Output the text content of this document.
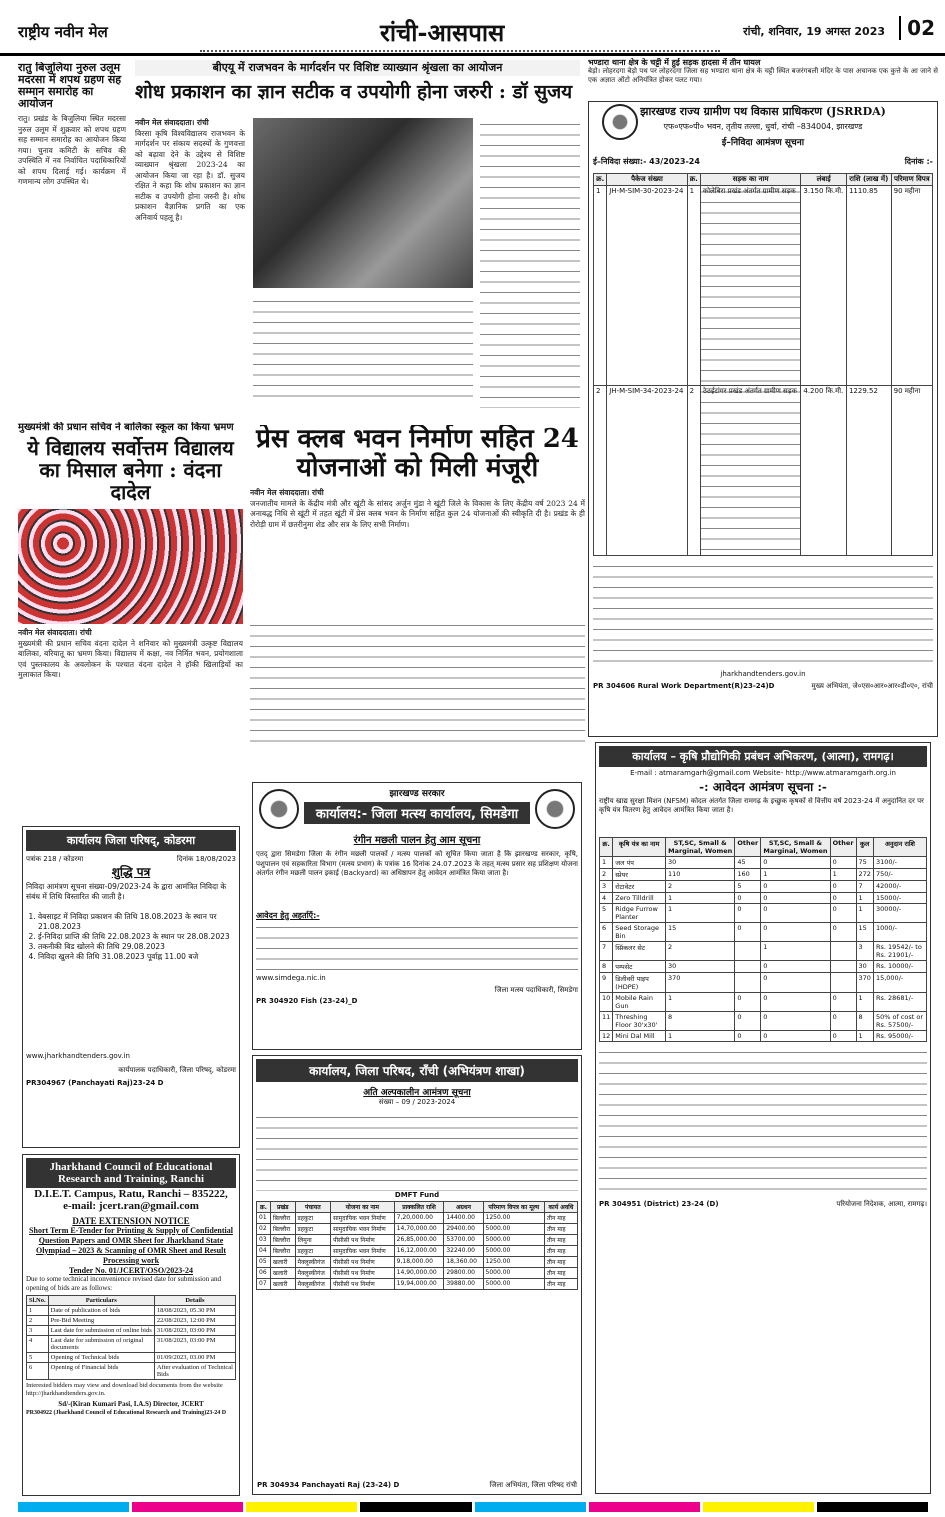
राष्ट्रीय नवीन मेल	रांची-आसपास	रांची, शनिवार, 19 अगस्त 2023	02
रातु बिजुलिया नुरुल उलूम मदरसा में शपथ ग्रहण सह सम्मान समारोह का आयोजन
रातु। प्रखंड के बिजुलिया स्थित मदरसा नुरुल उलूम में शुक्रवार को शपथ ग्रहण सह सम्मान समारोह का आयोजन किया गया। चुनाव कमिटी के सचिव की उपस्थिति में नव निर्वाचित पदाधिकारियों को शपथ दिलाई गई। कार्यक्रम में गणमान्य लोग उपस्थित थे।
बीएयू में राजभवन के मार्गदर्शन पर विशिष्ट व्याख्यान श्रृंखला का आयोजन
शोध प्रकाशन का ज्ञान सटीक व उपयोगी होना जरुरी : डॉ सुजय
नवीन मेल संवाददाता। रांची
बिरसा कृषि विश्वविद्यालय राजभवन के मार्गदर्शन पर संकाय सदस्यों के गुणवत्ता को बढ़ावा देने के उद्देश्य से विशिष्ट व्याख्यान श्रृंखला 2023-24 का आयोजन किया जा रहा है। डॉ. सुजय रक्षित ने कहा कि शोध प्रकाशन का ज्ञान सटीक व उपयोगी होना जरुरी है। शोध प्रकाशन वैज्ञानिक प्रगति का एक अनिवार्य पहलू है।
मुख्यमंत्री की प्रधान सचिव ने बालिका स्कूल का किया भ्रमण
ये विद्यालय सर्वोत्तम विद्यालय का मिसाल बनेगा : वंदना दादेल
नवीन मेल संवाददाता। रांची
मुख्यमंत्री की प्रधान सचिव वंदना दादेल ने शनिवार को मुख्यमंत्री उत्कृष्ट विद्यालय बालिका, बरियातू का भ्रमण किया। विद्यालय में कक्षा, नव निर्मित भवन, प्रयोगशाला एवं पुस्तकालय के अवलोकन के पश्चात वंदना दादेल ने हॉकी खिलाड़ियों का मुलाकात किया।
प्रेस क्लब भवन निर्माण सहित 24 योजनाओं को मिली मंजूरी
नवीन मेल संवाददाता। रांची
जनजातीय मामले के केंद्रीय मंत्री और खूंटी के सांसद अर्जुन मुंडा ने खूंटी जिले के विकास के लिए केंद्रीय वर्ष 2023 24 में अनाबद्ध निधि से खूंटी में तहत खूंटी में प्रेस क्लब भवन के निर्माण सहित कुल 24 योजनाओं की स्वीकृति दी है। प्रखंड के ही रोरोड़ी ग्राम में छतरीनुमा शेड और सत्र के लिए सभी निर्माण।
भण्डारा थाना क्षेत्र के चट्टी में हुई सड़क हादसा में तीन घायल
बेड़ो। लोहरदगा बेड़ो पथ पर लोहरदगा जिला सह भण्डारा थाना क्षेत्र के चट्टी स्थित बजरंगबली मंदिर के पास अचानक एक कुत्ते के आ जाने से एक अज्ञात ऑटो अनियंत्रित होकर पलट गया।
झारखण्ड राज्य ग्रामीण पथ विकास प्राधिकरण (JSRRDA)
एफ०एफ०पी० भवन, तृतीय तल्ला, धुर्वा, रांची –834004, झारखण्ड
ई–निविदा आमंत्रण सूचना
ई–निविदा संख्या:- 43/2023-24	दिनांक :-
क्र.	पैकेज संख्या	क्र.	सड़क का नाम	लंबाई	राशि (लाख में)	परिमाण विपत्र
1	JH-M-SIM-30-2023-24	1	कोलेबिरा प्रखंड अंतर्गत ग्रामीण सड़क	3.150 कि.मी.	1110.85	90 महीना
2	JH-M-SIM-34-2023-24	2	ठेठईटांगर प्रखंड अंतर्गत ग्रामीण सड़क	4.200 कि.मी.	1229.52	90 महीना
jharkhandtenders.gov.in
PR 304606 Rural Work Department(R)23-24)D	मुख्य अभियंता, जे०एस०आर०आर०डी०ए०, रांची
कार्यालय – कृषि प्रौद्योगिकी प्रबंधन अभिकरण, (आत्मा), रामगढ़।
E-mail : atmaramgarh@gmail.com Website- http://www.atmaramgarh.org.in
-: आवेदन आमंत्रण सूचना :-
राष्ट्रीय खाद्य सुरक्षा मिशन (NFSM) कोदल अंतर्गत जिला रामगढ़ के इच्छुक कृषकों से वित्तीय वर्ष 2023-24 में अनुदानित दर पर कृषि यंत्र वितरण हेतु आवेदन आमंत्रित किया जाता है।
क्र.	कृषि यंत्र का नाम	ST,SC, Small & Marginal, Women	Other	ST,SC, Small & Marginal, Women	Other	कुल	अनुदान राशि
1	जल पंप	30	45	0	0	75	3100/-
2	स्प्रेयर	110	160	1	1	272	750/-
3	रोटावेटर	2	5	0	0	7	42000/-
4	Zero Tilldrill	1	0	0	0	1	15000/-
5	Ridge Furrow Planter	1	0	0	0	1	30000/-
6	Seed Storage Bin	15	0	0	0	15	1000/-
7	स्प्रिंकलर सेट	2		1		3	Rs. 19542/- to Rs. 21901/-
8	पम्पसेट	30		0		30	Rs. 10000/-
9	डिलीवरी पाइप (HDPE)	370		0		370	15,000/-
10	Mobile Rain Gun	1	0	0	0	1	Rs. 28681/-
11	Threshing Floor 30'x30'	8	0	0	0	8	50% of cost or Rs. 57500/-
12	Mini Dal Mill	1	0	0	0	1	Rs. 95000/-
PR 304951 (District) 23-24 (D)	परियोजना निदेशक, आत्मा, रामगढ़।
झारखण्ड सरकार
कार्यालय:- जिला मत्स्य कार्यालय, सिमडेगा
रंगीन मछली पालन हेतु आम सूचना
एतद् द्वारा सिमडेगा जिला के रंगीन मछली पालकों / मत्स्य पालकों को सूचित किया जाता है कि झारखण्ड सरकार, कृषि, पशुपालन एवं सहकारिता विभाग (मत्स्य प्रभाग) के पत्रांक 16 दिनांक 24.07.2023 के तहत् मत्स्य प्रसार सह प्रशिक्षण योजना अंतर्गत रंगीन मछली पालन इकाई (Backyard) का अधिष्ठापन हेतु आवेदन आमंत्रित किया जाता है।
आवेदन हेतु अहर्ताएँ:-
www.simdega.nic.in
जिला मत्स्य पदाधिकारी, सिमडेगा
PR 304920 Fish (23-24)_D
कार्यालय जिला परिषद्, कोडरमा
पत्रांक 218 / कोडरमा	दिनांक 18/08/2023
शुद्धि पत्र
निविदा आमंत्रण सूचना संख्या-09/2023-24 के द्वारा आमंत्रित निविदा के संबंध में तिथि विस्तारित की जाती है।
1. वेबसाइट में निविदा प्रकाशन की तिथि 18.08.2023 के स्थान पर 21.08.2023
2. ई-निविदा प्राप्ति की तिथि 22.08.2023 के स्थान पर 28.08.2023
3. तकनीकी बिड खोलने की तिथि 29.08.2023
4. निविदा खुलने की तिथि 31.08.2023 पूर्वाह्न 11.00 बजे
www.jharkhandtenders.gov.in
कार्यपालक पदाधिकारी, जिला परिषद्, कोडरमा
PR304967 (Panchayati Raj)23-24 D
Jharkhand Council of Educational Research and Training, Ranchi
D.I.E.T. Campus, Ratu, Ranchi – 835222,
e-mail: jcert.ran@gmail.com
DATE EXTENSION NOTICE
Short Term E-Tender for Printing & Supply of Confidential Question Papers and OMR Sheet for Jharkhand State Olympiad – 2023 & Scanning of OMR Sheet and Result Processing work
Tender No. 01/JCERT/OSO/2023-24
Due to some technical inconvenience revised date for submission and opening of bids are as follows:
Sl.No.	Particulars	Details
1	Date of publication of bids	18/08/2023, 05.30 PM
2	Pre-Bid Meeting	22/08/2023, 12:00 PM
3	Last date for submission of online bids	31/08/2023, 03:00 PM
4	Last date for submission of original documents	31/08/2023, 03:00 PM
5	Opening of Technical bids	01/09/2023, 03.00 PM
6	Opening of Financial bids	After evaluation of Technical Bids
Interested bidders may view and download bid documents from the website http://jharkhandtenders.gov.in.
Sd/-(Kiran Kumari Pasi, I.A.S) Director, JCERT
PR304922 (Jharkhand Council of Educational Research and Training)23-24 D
कार्यालय, जिला परिषद, राँची (अभियंत्रण शाखा)
अति अल्पकालीन आमंत्रण सूचना
संख्या – 09 / 2023-2024
DMFT Fund
क्र.	प्रखंड	पंचायत	योजना का नाम	प्राक्कलित राशि	अग्रधन	परिमाण विपत्र का मूल्य	कार्य अवधि
01	बिल्लौरा	डहकुटा	सामुदायिक भवन निर्माण	7,20,000.00	14400.00	1250.00	तीन माह
02	बिल्लौरा	डहकुटा	सामुदायिक भवन निर्माण	14,70,000.00	29400.00	5000.00	तीन माह
03	बिल्लौरा	लिमुना	पीसीसी पथ निर्माण	26,85,000.00	53700.00	5000.00	तीन माह
04	बिल्लौरा	डहकुटा	सामुदायिक भवन निर्माण	16,12,000.00	32240.00	5000.00	तीन माह
05	खलारी	मैक्लुस्कीगंज	पीसीसी पथ निर्माण	9,18,000.00	18,360.00	1250.00	तीन माह
06	खलारी	मैक्लुस्कीगंज	पीसीसी पथ निर्माण	14,90,000.00	29800.00	5000.00	तीन माह
07	खलारी	मैक्लुस्कीगंज	पीसीसी पथ निर्माण	19,94,000.00	39880.00	5000.00	तीन माह
PR 304934 Panchayati Raj (23-24) D	जिला अभियंता, जिला परिषद रांची
